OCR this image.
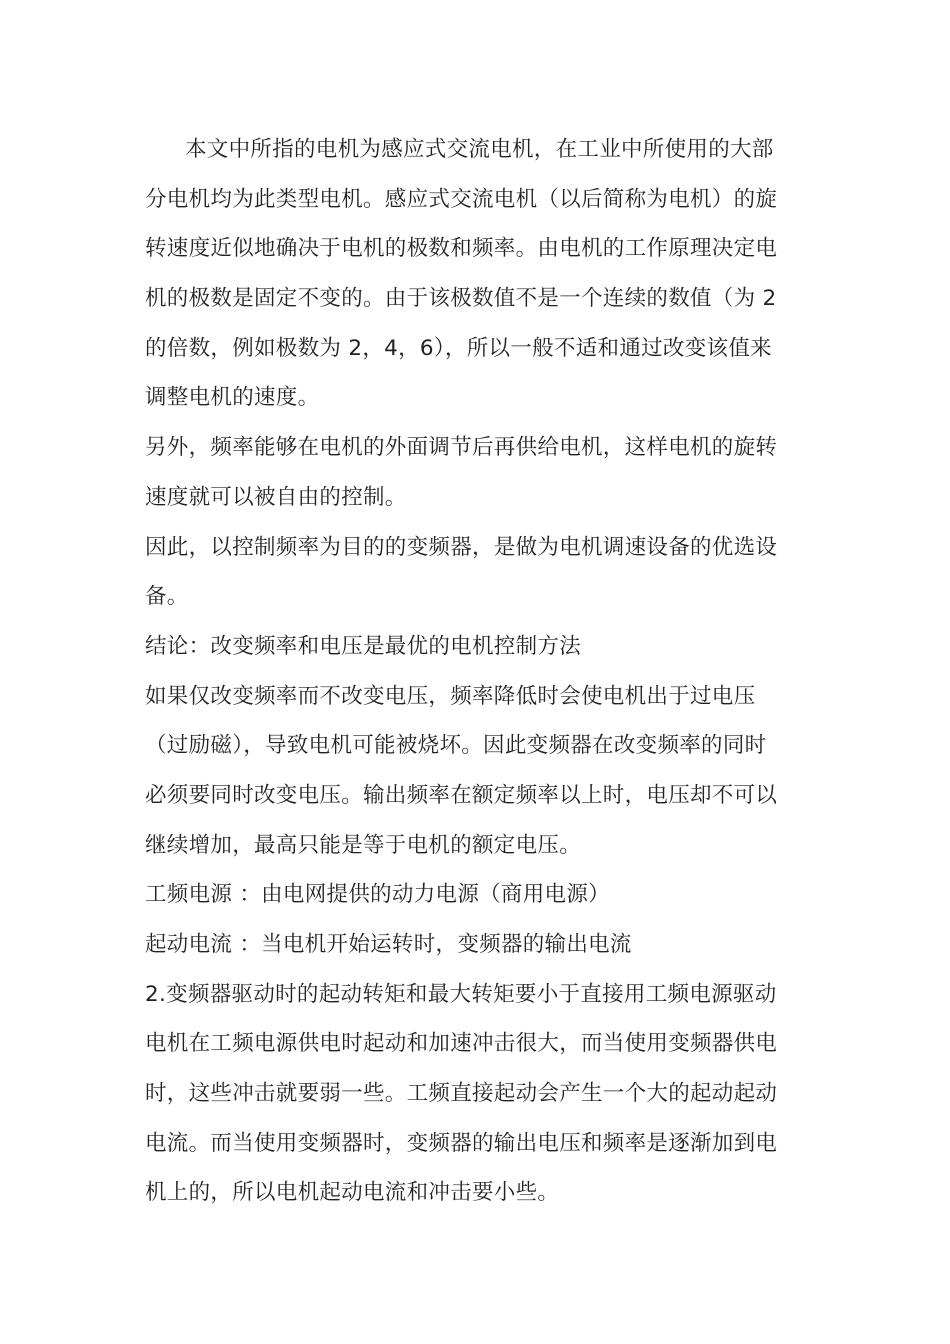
本文中所指的电机为感应式交流电机，在工业中所使用的大部
分电机均为此类型电机。感应式交流电机（以后简称为电机）的旋
转速度近似地确决于电机的极数和频率。由电机的工作原理决定电
机的极数是固定不变的。由于该极数值不是一个连续的数值（为 2
的倍数，例如极数为 2，4，6），所以一般不适和通过改变该值来
调整电机的速度。
另外，频率能够在电机的外面调节后再供给电机，这样电机的旋转
速度就可以被自由的控制。
因此，以控制频率为目的的变频器，是做为电机调速设备的优选设
备。
结论：改变频率和电压是最优的电机控制方法
如果仅改变频率而不改变电压，频率降低时会使电机出于过电压
（过励磁），导致电机可能被烧坏。因此变频器在改变频率的同时
必须要同时改变电压。输出频率在额定频率以上时，电压却不可以
继续增加，最高只能是等于电机的额定电压。
工频电源 ：由电网提供的动力电源（商用电源）
起动电流 ：当电机开始运转时，变频器的输出电流
2.变频器驱动时的起动转矩和最大转矩要小于直接用工频电源驱动
电机在工频电源供电时起动和加速冲击很大，而当使用变频器供电
时，这些冲击就要弱一些。工频直接起动会产生一个大的起动起动
电流。而当使用变频器时，变频器的输出电压和频率是逐渐加到电
机上的，所以电机起动电流和冲击要小些。
